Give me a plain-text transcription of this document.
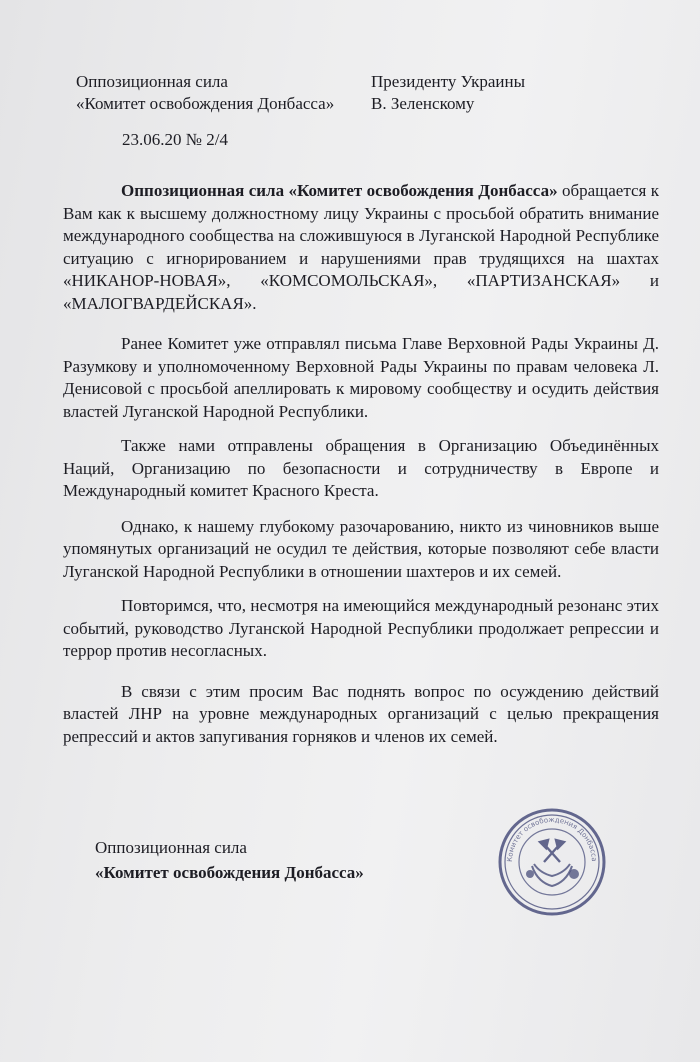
Оппозиционная сила
«Комитет освобождения Донбасса»
Президенту Украины
В. Зеленскому
23.06.20 № 2/4

Оппозиционная сила «Комитет освобождения Донбасса» обращается к Вам как к высшему должностному лицу Украины с просьбой обратить внимание международного сообщества на сложившуюся в Луганской Народной Республике ситуацию с игнорированием и нарушениями прав трудящихся на шахтах «НИКАНОР-НОВАЯ», «КОМСОМОЛЬСКАЯ», «ПАРТИЗАНСКАЯ» и «МАЛОГВАРДЕЙСКАЯ».

Ранее Комитет уже отправлял письма Главе Верховной Рады Украины Д. Разумкову и уполномоченному Верховной Рады Украины по правам человека Л. Денисовой с просьбой апеллировать к мировому сообществу и осудить действия властей Луганской Народной Республики.

Также нами отправлены обращения в Организацию Объединённых Наций, Организацию по безопасности и сотрудничеству в Европе и Международный комитет Красного Креста.

Однако, к нашему глубокому разочарованию, никто из чиновников выше упомянутых организаций не осудил те действия, которые позволяют себе власти Луганской Народной Республики в отношении шахтеров и их семей.

Повторимся, что, несмотря на имеющийся международный резонанс этих событий, руководство Луганской Народной Республики продолжает репрессии и террор против несогласных.

В связи с этим просим Вас поднять вопрос по осуждению действий властей ЛНР на уровне международных организаций с целью прекращения репрессий и актов запугивания горняков и членов их семей.

Оппозиционная сила
«Комитет освобождения Донбасса»
Комитет освобождения Донбасса
